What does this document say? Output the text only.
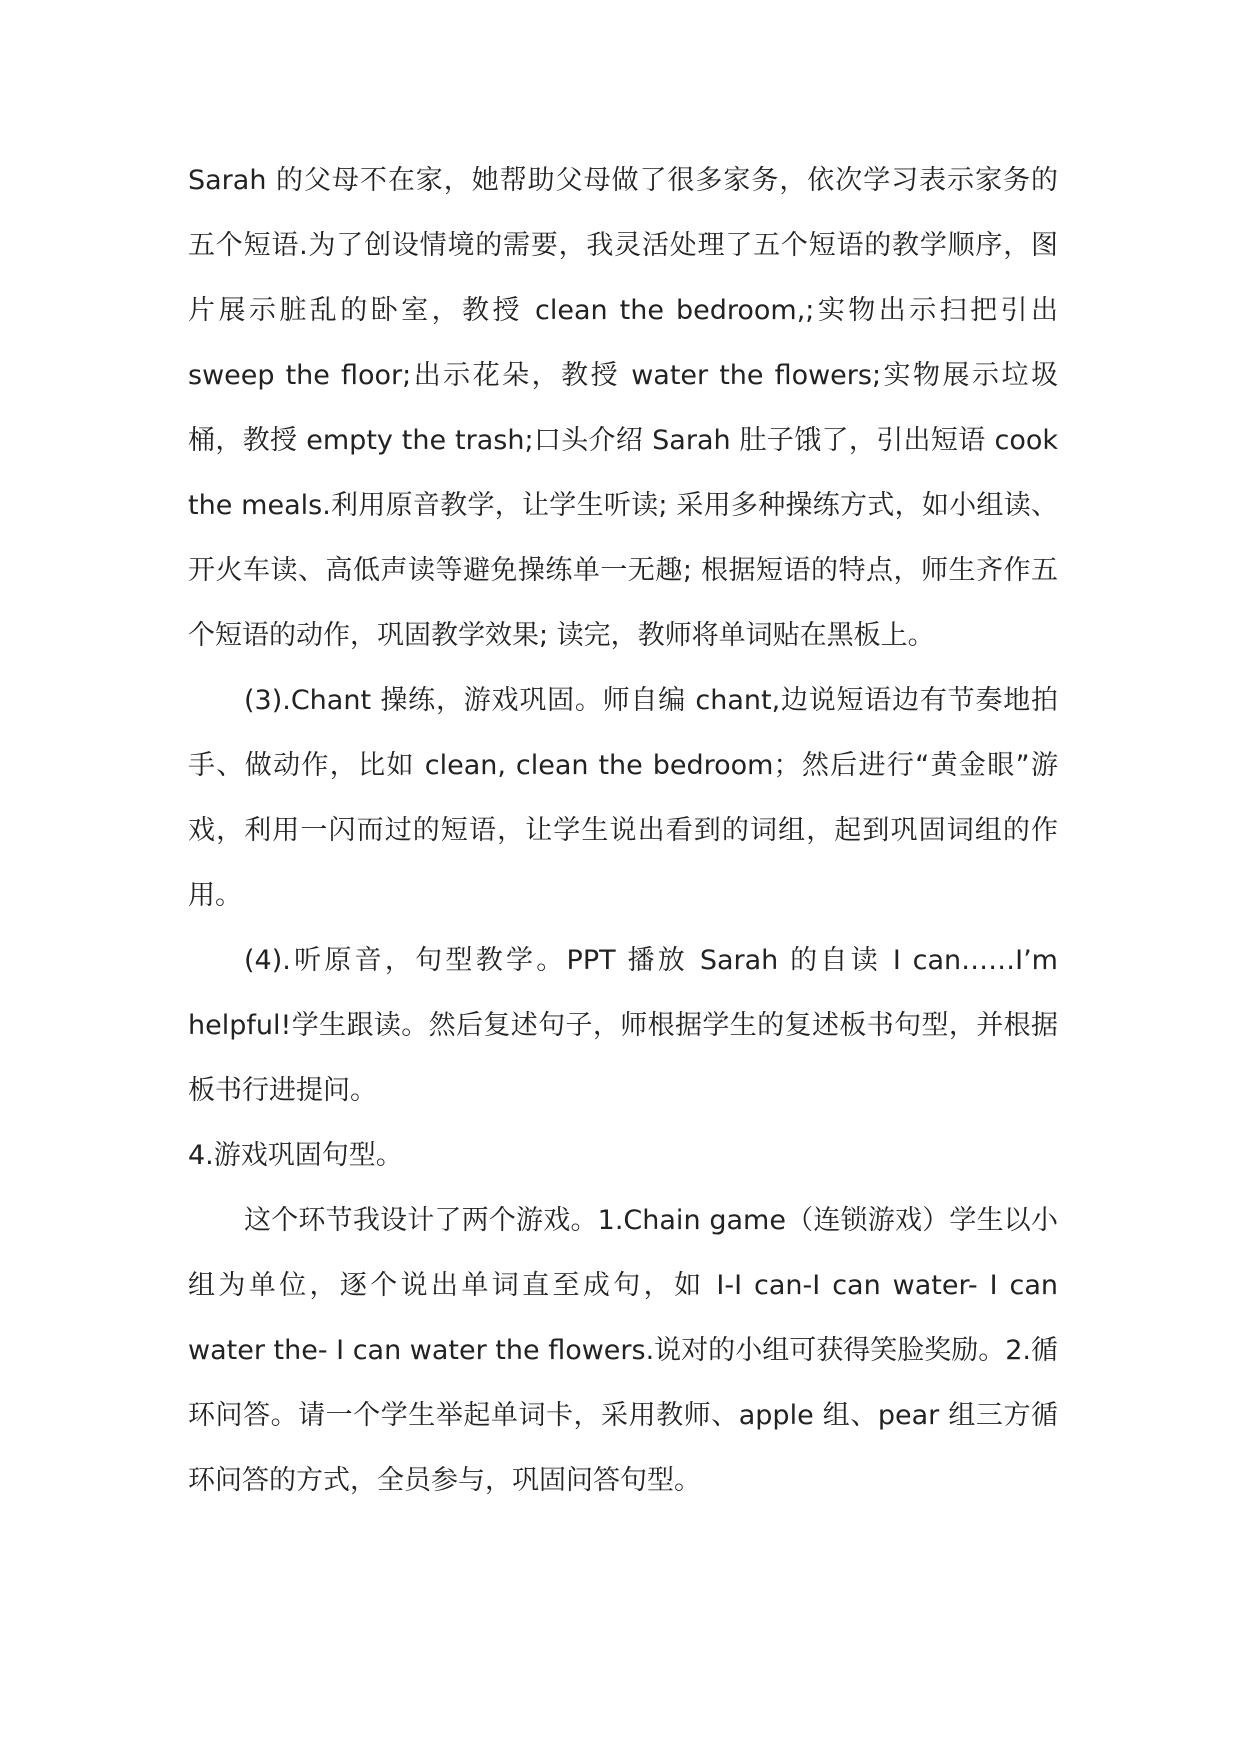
Sarah 的父母不在家，她帮助父母做了很多家务，依次学习表示家务的五个短语.为了创设情境的需要，我灵活处理了五个短语的教学顺序，图片展示脏乱的卧室，教授 clean the bedroom,;实物出示扫把引出 sweep the floor;出示花朵，教授 water the flowers;实物展示垃圾桶，教授 empty the trash;口头介绍 Sarah 肚子饿了，引出短语 cook the meals.利用原音教学，让学生听读; 采用多种操练方式，如小组读、开火车读、高低声读等避免操练单一无趣; 根据短语的特点，师生齐作五个短语的动作，巩固教学效果; 读完，教师将单词贴在黑板上。

(3).Chant 操练，游戏巩固。师自编 chant,边说短语边有节奏地拍手、做动作，比如 clean, clean the bedroom；然后进行“黄金眼”游戏，利用一闪而过的短语，让学生说出看到的词组，起到巩固词组的作用。

(4).听原音，句型教学。PPT 播放 Sarah 的自读 I can……I’m helpful!学生跟读。然后复述句子，师根据学生的复述板书句型，并根据板书行进提问。

4.游戏巩固句型。

这个环节我设计了两个游戏。1.Chain game（连锁游戏）学生以小组为单位，逐个说出单词直至成句，如 I-I can-I can water- I can water the- I can water the flowers.说对的小组可获得笑脸奖励。2.循环问答。请一个学生举起单词卡，采用教师、apple 组、pear 组三方循环问答的方式，全员参与，巩固问答句型。
